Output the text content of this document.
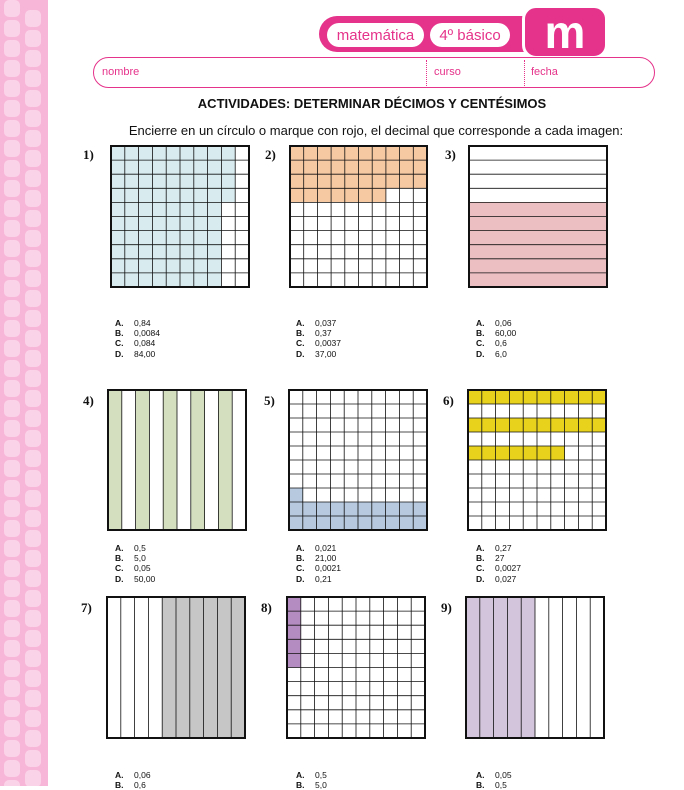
matemática	4º básico m
nombre	curso	fecha
ACTIVIDADES: DETERMINAR DÉCIMOS Y CENTÉSIMOS
Encierre en un círculo o marque con rojo, el decimal que corresponde a cada imagen:
1)
A. 0,84
B. 0,0084
C. 0,084
D. 84,00
2)
A. 0,037
B. 0,37
C. 0,0037
D. 37,00
3)
A. 0,06
B. 60,00
C. 0,6
D. 6,0
4)
A. 0,5
B. 5,0
C. 0,05
D. 50,00
5)
A. 0,021
B. 21,00
C. 0,0021
D. 0,21
6)
A. 0,27
B. 27
C. 0,0027
D. 0,027
7)
A. 0,06
B. 0,6
8)
A. 0,5
B. 5,0
9)
A. 0,05
B. 0,5
